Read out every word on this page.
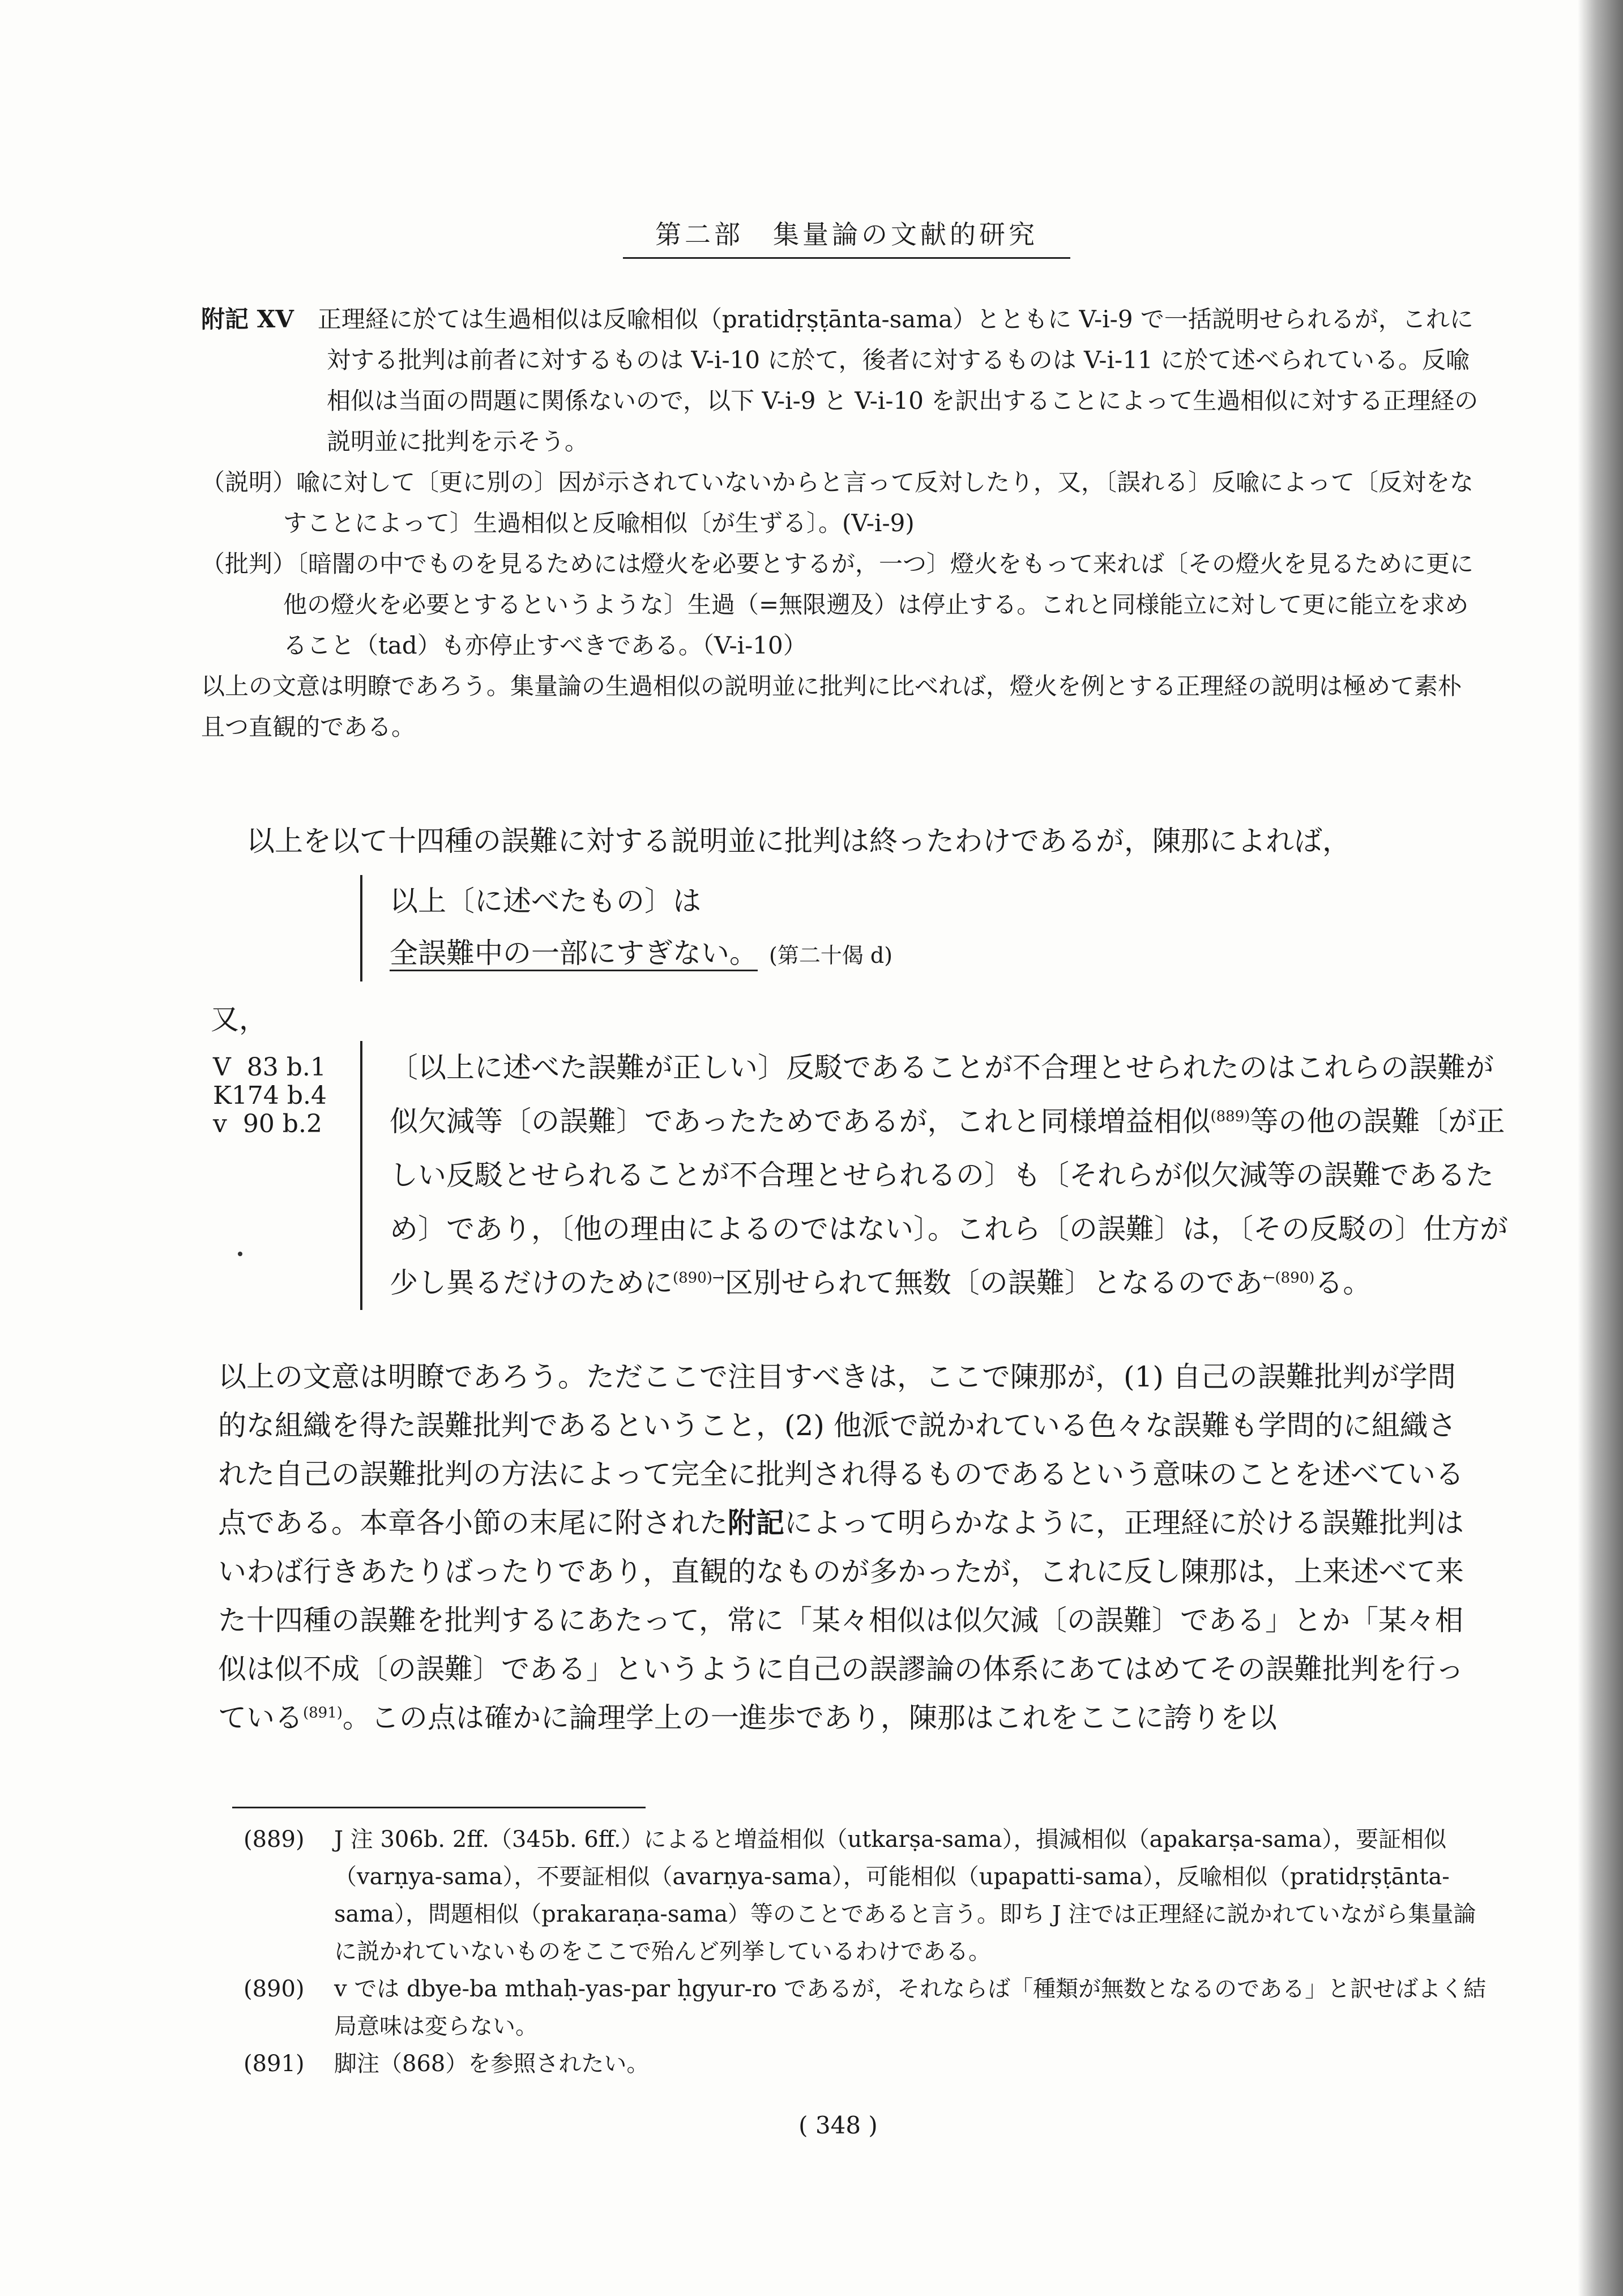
第二部　集量論の文献的研究

附記 XV　 正理経に於ては生過相似は反喩相似（pratidṛṣṭānta-sama）とともに V-i-9 で一括説明せられるが，これに対する批判は前者に対するものは V-i-10 に於て，後者に対するものは V-i-11 に於て述べられている。反喩相似は当面の問題に関係ないので，以下 V-i-9 と V-i-10 を訳出することによって生過相似に対する正理経の説明並に批判を示そう。

（説明）喩に対して〔更に別の〕因が示されていないからと言って反対したり，又，〔誤れる〕反喩によって〔反対をなすことによって〕生過相似と反喩相似〔が生ずる〕。(V-i-9)

（批判）〔暗闇の中でものを見るためには燈火を必要とするが，一つ〕燈火をもって来れば〔その燈火を見るために更に他の燈火を必要とするというような〕生過（=無限遡及）は停止する。これと同様能立に対して更に能立を求めること（tad）も亦停止すべきである。（V-i-10）

以上の文意は明瞭であろう。集量論の生過相似の説明並に批判に比べれば，燈火を例とする正理経の説明は極めて素朴且つ直観的である。

以上を以て十四種の誤難に対する説明並に批判は終ったわけであるが，陳那によれば，

以上〔に述べたもの〕は
全誤難中の一部にすぎない。 (第二十偈 d)
又，
V  83 b.1
K174 b.4
v  90 b.2

〔以上に述べた誤難が正しい〕反駁であることが不合理とせられたのはこれらの誤難が似欠減等〔の誤難〕であったためであるが，これと同様増益相似$^{(889)}$等の他の誤難〔が正しい反駁とせられることが不合理とせられるの〕も〔それらが似欠減等の誤難であるため〕であり，〔他の理由によるのではない〕。これら〔の誤難〕は，〔その反駁の〕仕方が少し異るだけのために$^{(890)\to}$区別せられて無数〔の誤難〕となるのであ$^{\leftarrow(890)}$る。

以上の文意は明瞭であろう。ただここで注目すべきは，ここで陳那が，(1) 自己の誤難批判が学問的な組織を得た誤難批判であるということ，(2) 他派で説かれている色々な誤難も学問的に組織された自己の誤難批判の方法によって完全に批判され得るものであるという意味のことを述べている点である。本章各小節の末尾に附された附記によって明らかなように，正理経に於ける誤難批判はいわば行きあたりばったりであり，直観的なものが多かったが，これに反し陳那は，上来述べて来た十四種の誤難を批判するにあたって，常に「某々相似は似欠減〔の誤難〕である」とか「某々相似は似不成〔の誤難〕である」というように自己の誤謬論の体系にあてはめてその誤難批判を行っている$^{(891)}$。この点は確かに論理学上の一進歩であり，陳那はこれをここに誇りを以

(889)	J 注 306b. 2ff.（345b. 6ff.）によると増益相似（utkarṣa-sama），損減相似（apakarṣa-sama），要証相似（varṇya-sama），不要証相似（avarṇya-sama），可能相似（upapatti-sama），反喩相似（pratidṛṣṭānta-sama），問題相似（prakaraṇa-sama）等のことであると言う。即ち J 注では正理経に説かれていながら集量論に説かれていないものをここで殆んど列挙しているわけである。
(890)	v では dbye-ba mthaḥ-yas-par ḥgyur-ro であるが，それならば「種類が無数となるのである」と訳せばよく結局意味は変らない。
(891)	脚注（868）を参照されたい。
( 348 )
